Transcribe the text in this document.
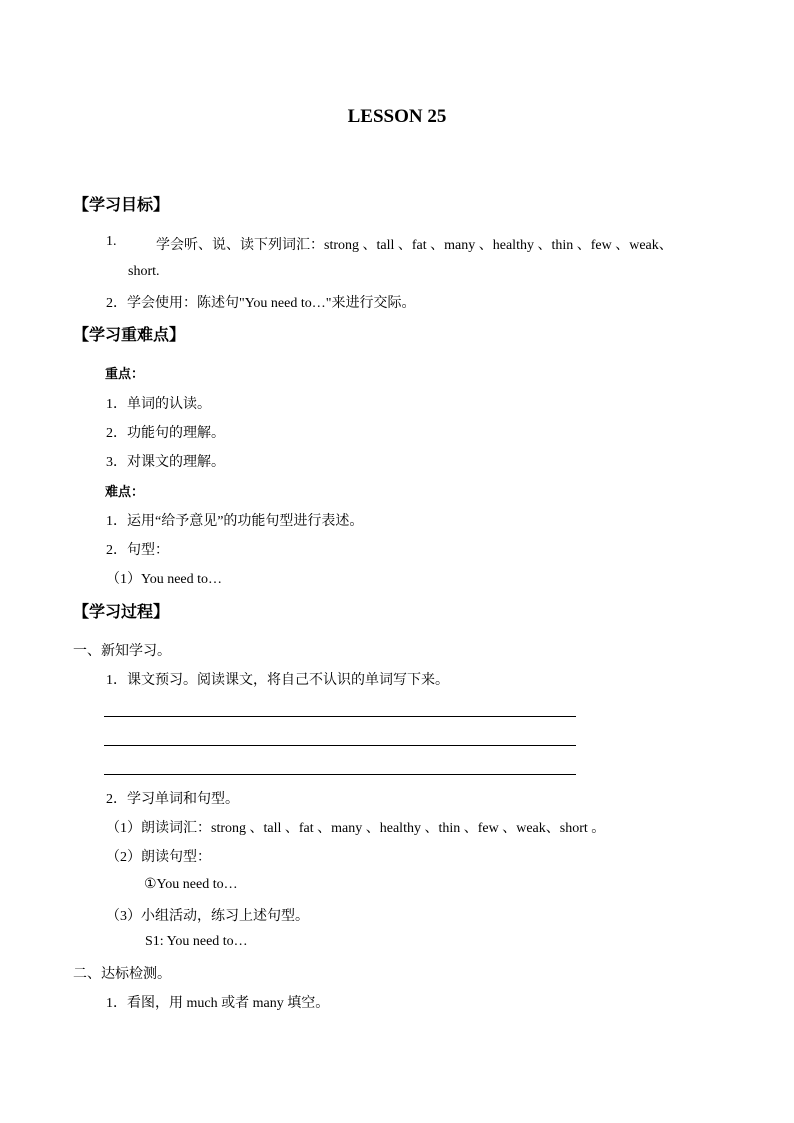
LESSON 25
【学习目标】
1.	学会听、说、读下列词汇：strong 、tall 、fat 、many 、healthy 、thin 、few 、weak、
short.
2．学会使用：陈述句"You need to…"来进行交际。
【学习重难点】
重点：
1．单词的认读。
2．功能句的理解。
3．对课文的理解。
难点：
1．运用“给予意见”的功能句型进行表述。
2．句型：
（1）You need to…
【学习过程】
一、新知学习。
1．课文预习。阅读课文，将自己不认识的单词写下来。
2．学习单词和句型。
（1）朗读词汇：strong 、tall 、fat 、many 、healthy 、thin 、few 、weak、short 。
（2）朗读句型：
①You need to…
（3）小组活动，练习上述句型。
S1: You need to…
二、达标检测。
1．看图，用 much 或者 many 填空。
